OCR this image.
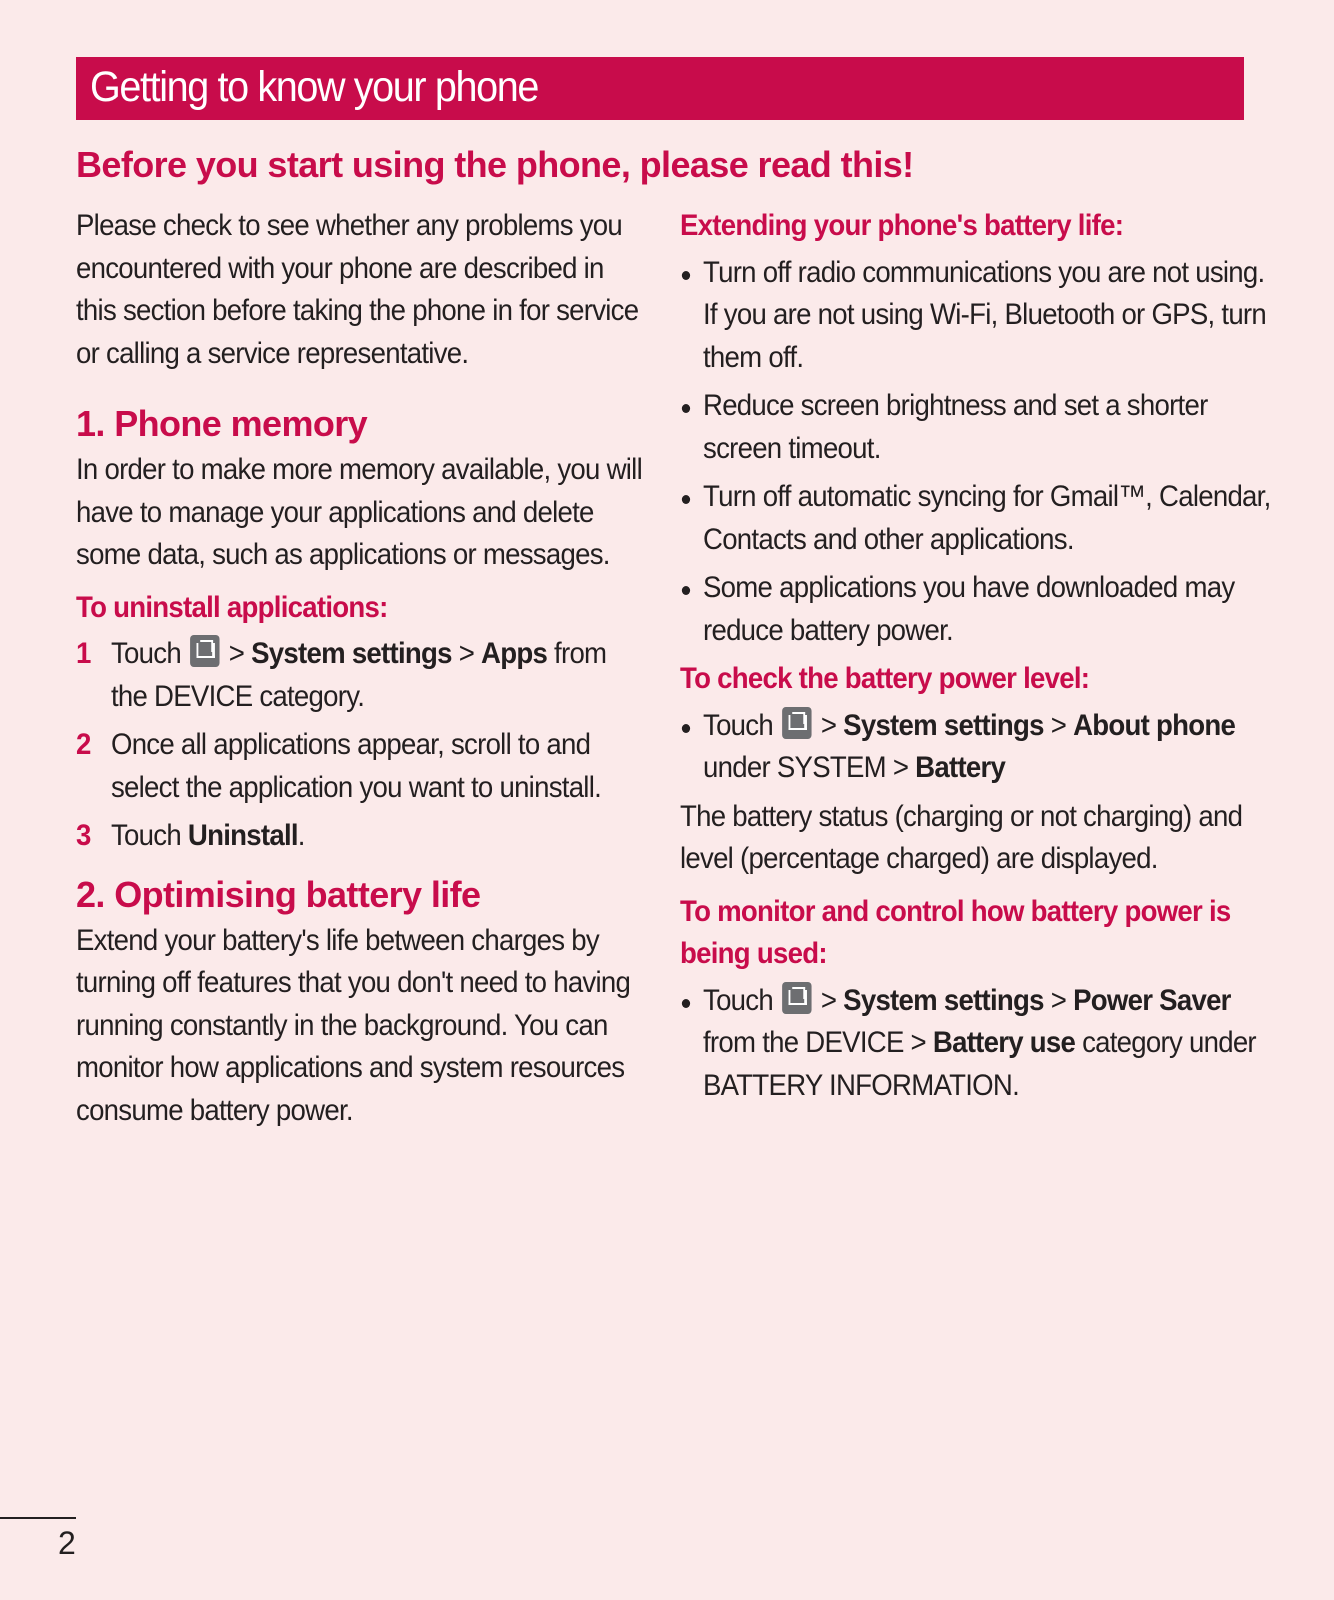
Getting to know your phone
Before you start using the phone, please read this!
Please check to see whether any problems you encountered with your phone are described in this section before taking the phone in for service or calling a service representative.
1. Phone memory
In order to make more memory available, you will have to manage your applications and delete some data, such as applications or messages.
To uninstall applications:
1 Touch > System settings > Apps from the DEVICE category.
2 Once all applications appear, scroll to and select the application you want to uninstall.
3 Touch Uninstall.
2. Optimising battery life
Extend your battery's life between charges by turning off features that you don't need to having running constantly in the background. You can monitor how applications and system resources consume battery power.
Extending your phone's battery life:
Turn off radio communications you are not using. If you are not using Wi-Fi, Bluetooth or GPS, turn them off.
Reduce screen brightness and set a shorter screen timeout.
Turn off automatic syncing for Gmail™, Calendar, Contacts and other applications.
Some applications you have downloaded may reduce battery power.
To check the battery power level:
Touch > System settings > About phone under SYSTEM > Battery
The battery status (charging or not charging) and level (percentage charged) are displayed.
To monitor and control how battery power is being used:
Touch > System settings > Power Saver from the DEVICE > Battery use category under BATTERY INFORMATION.
2
